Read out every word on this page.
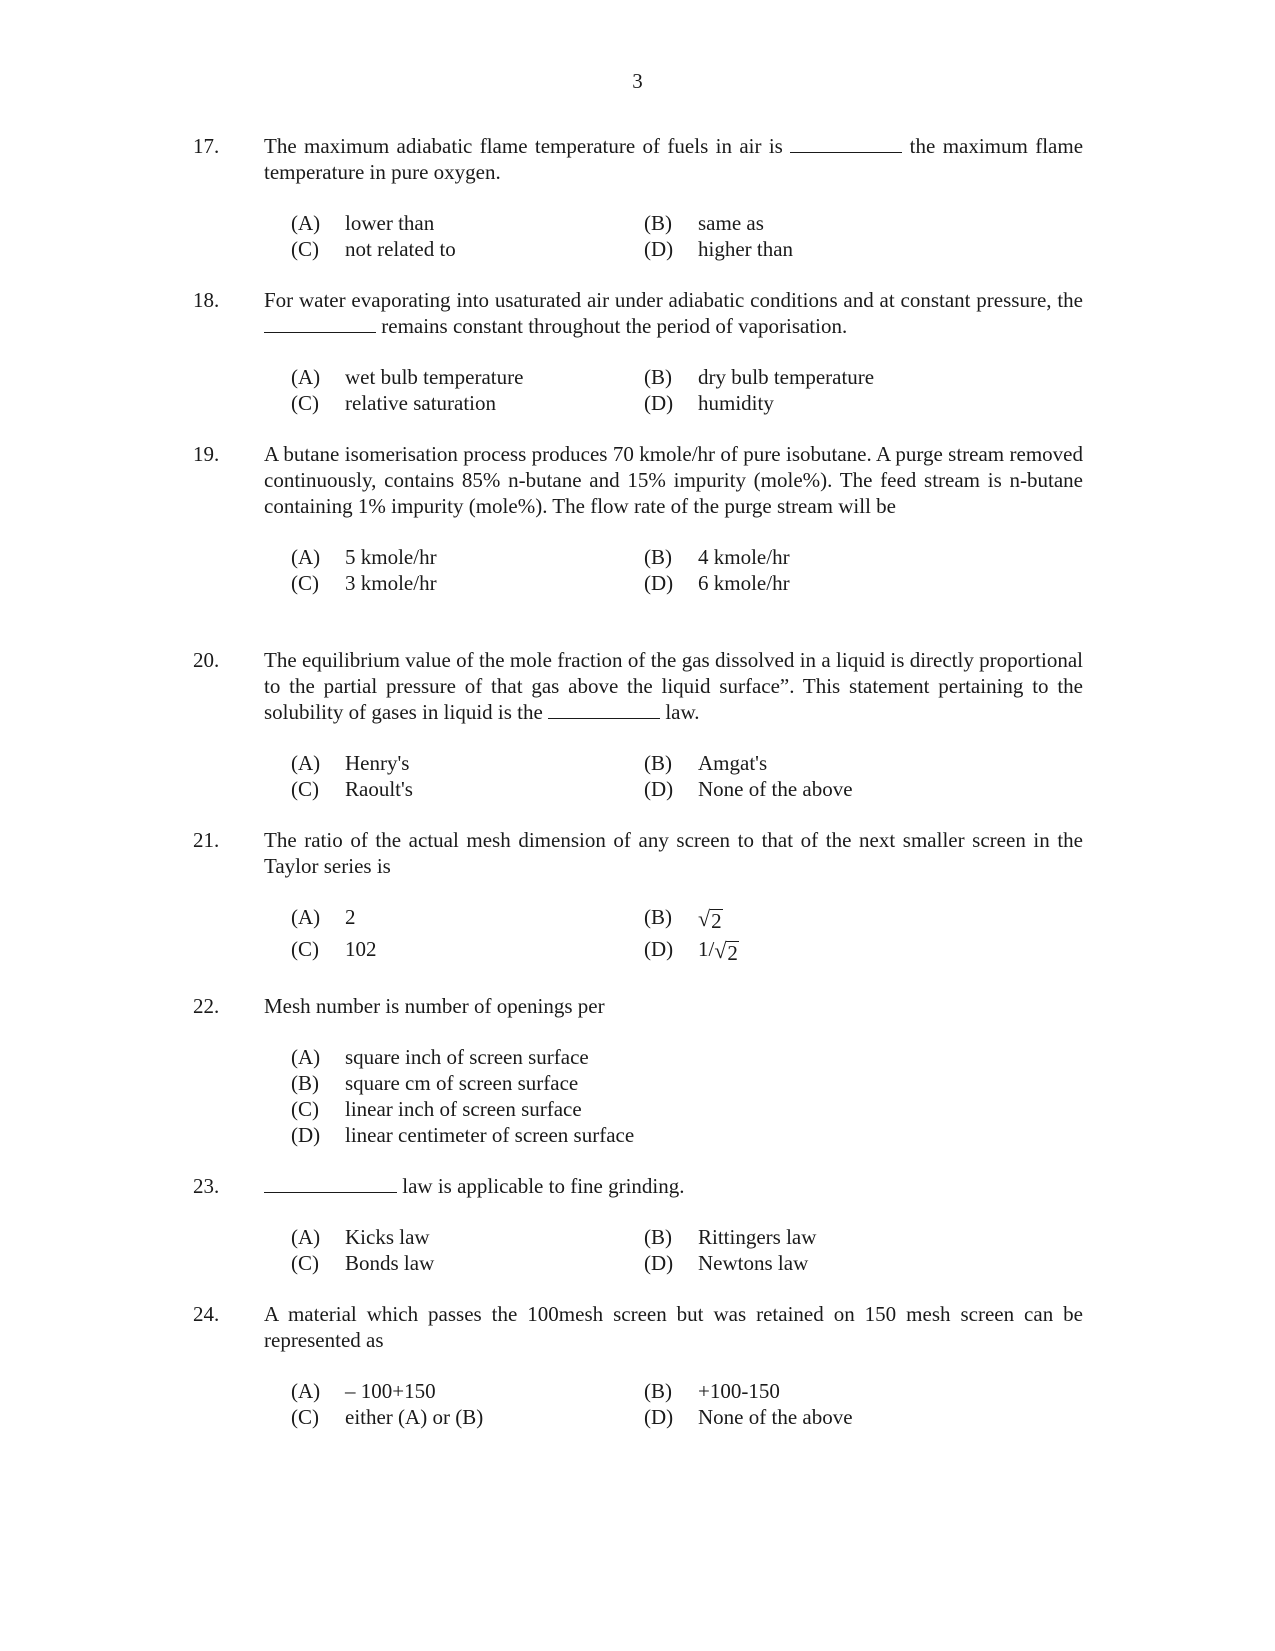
3
17.	The maximum adiabatic flame temperature of fuels in air is	the maximum flame temperature in pure oxygen.
(A) lower than	(B) same as
(C) not related to	(D) higher than
18.	For water evaporating into usaturated air under adiabatic conditions and at constant pressure, the  remains constant throughout the period of vaporisation.
(A) wet bulb temperature	(B) dry bulb temperature
(C) relative saturation	(D) humidity
19.	A butane isomerisation process produces 70 kmole/hr of pure isobutane. A purge stream removed continuously, contains 85% n-butane and 15% impurity (mole%). The feed stream is n-butane containing 1% impurity (mole%). The flow rate of the purge stream will be
(A) 5 kmole/hr	(B) 4 kmole/hr
(C) 3 kmole/hr	(D) 6 kmole/hr
20.	The equilibrium value of the mole fraction of the gas dissolved in a liquid is directly proportional to the partial pressure of that gas above the liquid surface”. This statement pertaining to the solubility of gases in liquid is the	law.
(A) Henry's	(B) Amgat's
(C) Raoult's	(D) None of the above
21.	The ratio of the actual mesh dimension of any screen to that of the next smaller screen in the Taylor series is
(A) 2	(B) √ 2
(C) 102	(D) 1/ √ 2
22.	Mesh number is number of openings per
(A) square inch of screen surface
(B) square cm of screen surface
(C) linear inch of screen surface
(D) linear centimeter of screen surface
23.	law is applicable to fine grinding.
(A) Kicks law	(B) Rittingers law
(C) Bonds law	(D) Newtons law
24.	A material which passes the 100mesh screen but was retained on 150 mesh screen can be represented as
(A) – 100+150	(B) +100-150
(C) either (A) or (B)	(D) None of the above
